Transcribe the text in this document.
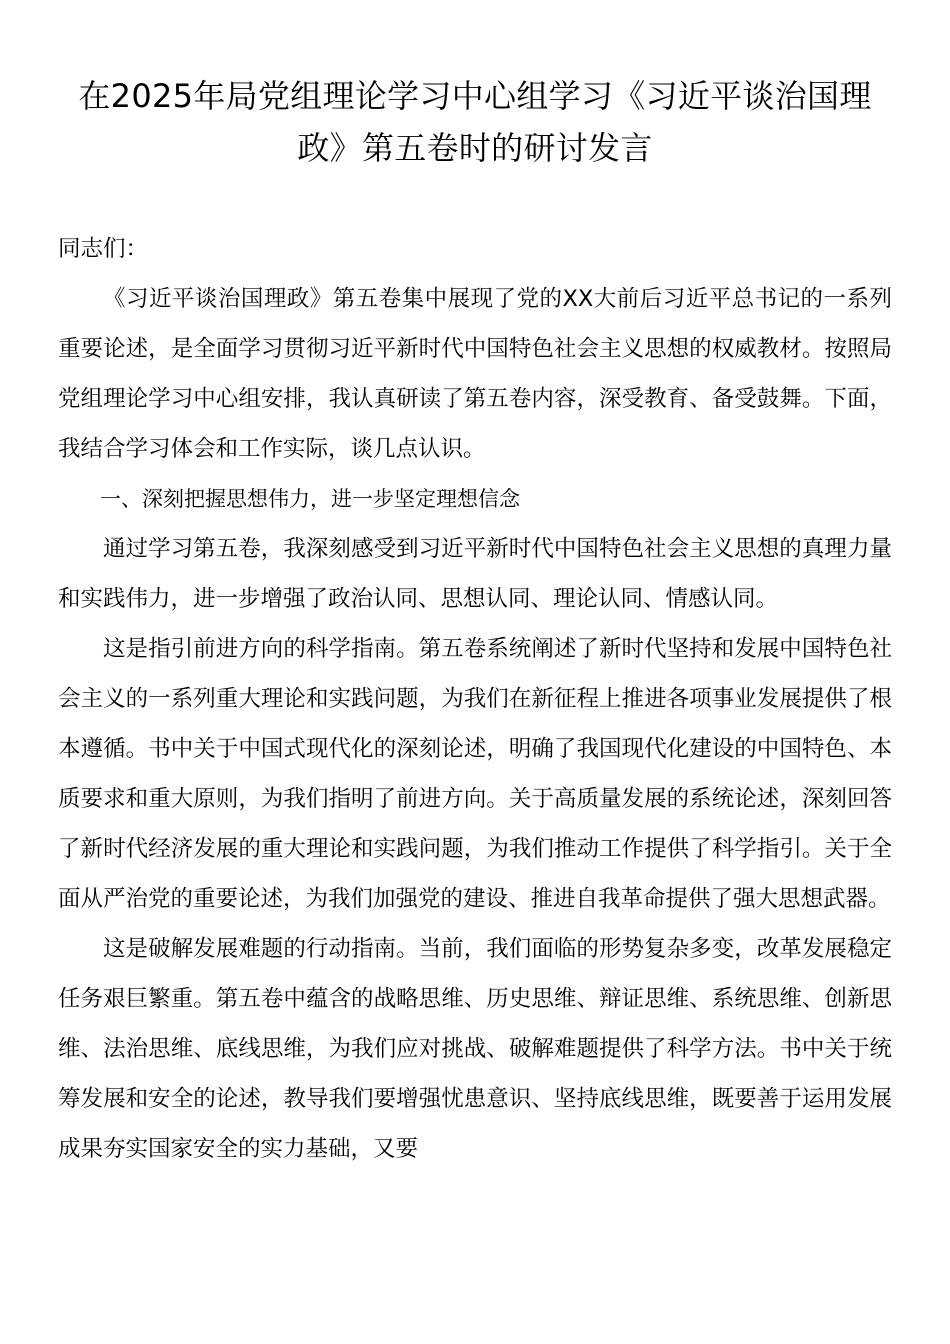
在2025年局党组理论学习中心组学习《习近平谈治国理政》第五卷时的研讨发言

同志们：

《习近平谈治国理政》第五卷集中展现了党的XX大前后习近平总书记的一系列重要论述，是全面学习贯彻习近平新时代中国特色社会主义思想的权威教材。按照局党组理论学习中心组安排，我认真研读了第五卷内容，深受教育、备受鼓舞。下面，我结合学习体会和工作实际，谈几点认识。

一、深刻把握思想伟力，进一步坚定理想信念

通过学习第五卷，我深刻感受到习近平新时代中国特色社会主义思想的真理力量和实践伟力，进一步增强了政治认同、思想认同、理论认同、情感认同。

这是指引前进方向的科学指南。第五卷系统阐述了新时代坚持和发展中国特色社会主义的一系列重大理论和实践问题，为我们在新征程上推进各项事业发展提供了根本遵循。书中关于中国式现代化的深刻论述，明确了我国现代化建设的中国特色、本质要求和重大原则，为我们指明了前进方向。关于高质量发展的系统论述，深刻回答了新时代经济发展的重大理论和实践问题，为我们推动工作提供了科学指引。关于全面从严治党的重要论述，为我们加强党的建设、推进自我革命提供了强大思想武器。

这是破解发展难题的行动指南。当前，我们面临的形势复杂多变，改革发展稳定任务艰巨繁重。第五卷中蕴含的战略思维、历史思维、辩证思维、系统思维、创新思维、法治思维、底线思维，为我们应对挑战、破解难题提供了科学方法。书中关于统筹发展和安全的论述，教导我们要增强忧患意识、坚持底线思维，既要善于运用发展成果夯实国家安全的实力基础，又要
